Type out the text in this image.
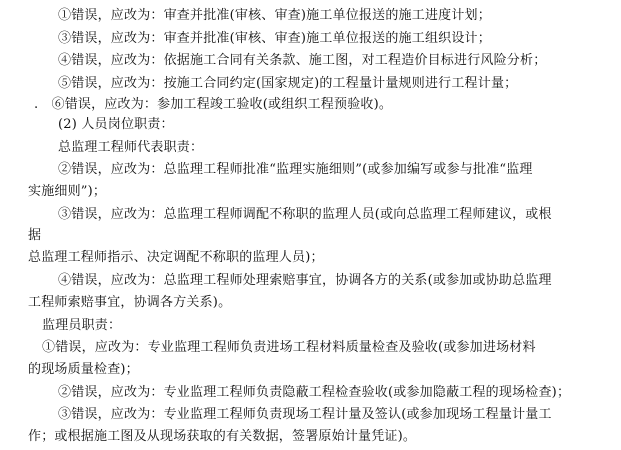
①错误，应改为：审查并批准(审核、审查)施工单位报送的施工进度计划；
③错误，应改为：审查并批准(审核、审查)施工单位报送的施工组织设计；
④错误，应改为：依据施工合同有关条款、施工图，对工程造价目标进行风险分析；
⑤错误，应改为：按施工合同约定(国家规定)的工程量计量规则进行工程计量；
.　⑥错误，应改为：参加工程竣工验收(或组织工程预验收)。
(2) 人员岗位职责：
总监理工程师代表职责：
②错误，应改为：总监理工程师批准“监理实施细则”(或参加编写或参与批准“监理
实施细则”)；
③错误，应改为：总监理工程师调配不称职的监理人员(或向总监理工程师建议，或根
据
总监理工程师指示、决定调配不称职的监理人员)；
④错误，应改为：总监理工程师处理索赔事宜，协调各方的关系(或参加或协助总监理
工程师索赔事宜，协调各方关系)。
监理员职责：
①错误，应改为：专业监理工程师负责进场工程材料质量检查及验收(或参加进场材料
的现场质量检查)；
②错误，应改为：专业监理工程师负责隐蔽工程检查验收(或参加隐蔽工程的现场检查)；
③错误，应改为：专业监理工程师负责现场工程计量及签认(或参加现场工程量计量工
作；或根据施工图及从现场获取的有关数据，签署原始计量凭证)。
